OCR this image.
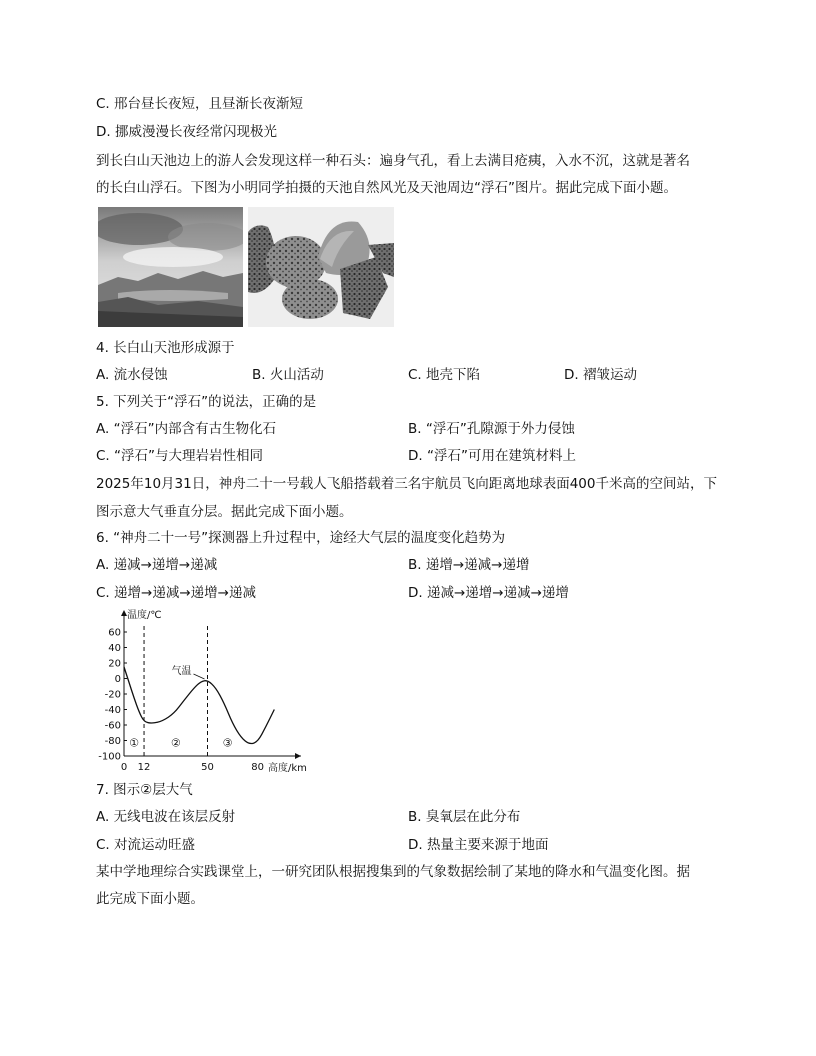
C. 邢台昼长夜短，且昼渐长夜渐短
D. 挪威漫漫长夜经常闪现极光
到长白山天池边上的游人会发现这样一种石头：遍身气孔，看上去满目疮痍，入水不沉，这就是著名
的长白山浮石。下图为小明同学拍摄的天池自然风光及天池周边“浮石”图片。据此完成下面小题。
4. 长白山天池形成源于
A. 流水侵蚀	B. 火山活动	C. 地壳下陷	D. 褶皱运动
5. 下列关于“浮石”的说法，正确的是
A. “浮石”内部含有古生物化石	B. “浮石”孔隙源于外力侵蚀
C. “浮石”与大理岩岩性相同	D. “浮石”可用在建筑材料上
2025年10月31日，神舟二十一号载人飞船搭载着三名宇航员飞向距离地球表面400千米高的空间站，下
图示意大气垂直分层。据此完成下面小题。
6. “神舟二十一号”探测器上升过程中，途经大气层的温度变化趋势为
A. 递减→递增→递减	B. 递增→递减→递增
C. 递增→递减→递增→递减	D. 递减→递增→递减→递增
温度/℃
高度/km
60
40
20
0
-20
-40
-60
-80
-100
0 12	50	80
气温
①	②	③
7. 图示②层大气
A. 无线电波在该层反射	B. 臭氧层在此分布
C. 对流运动旺盛	D. 热量主要来源于地面
某中学地理综合实践课堂上，一研究团队根据搜集到的气象数据绘制了某地的降水和气温变化图。据
此完成下面小题。
